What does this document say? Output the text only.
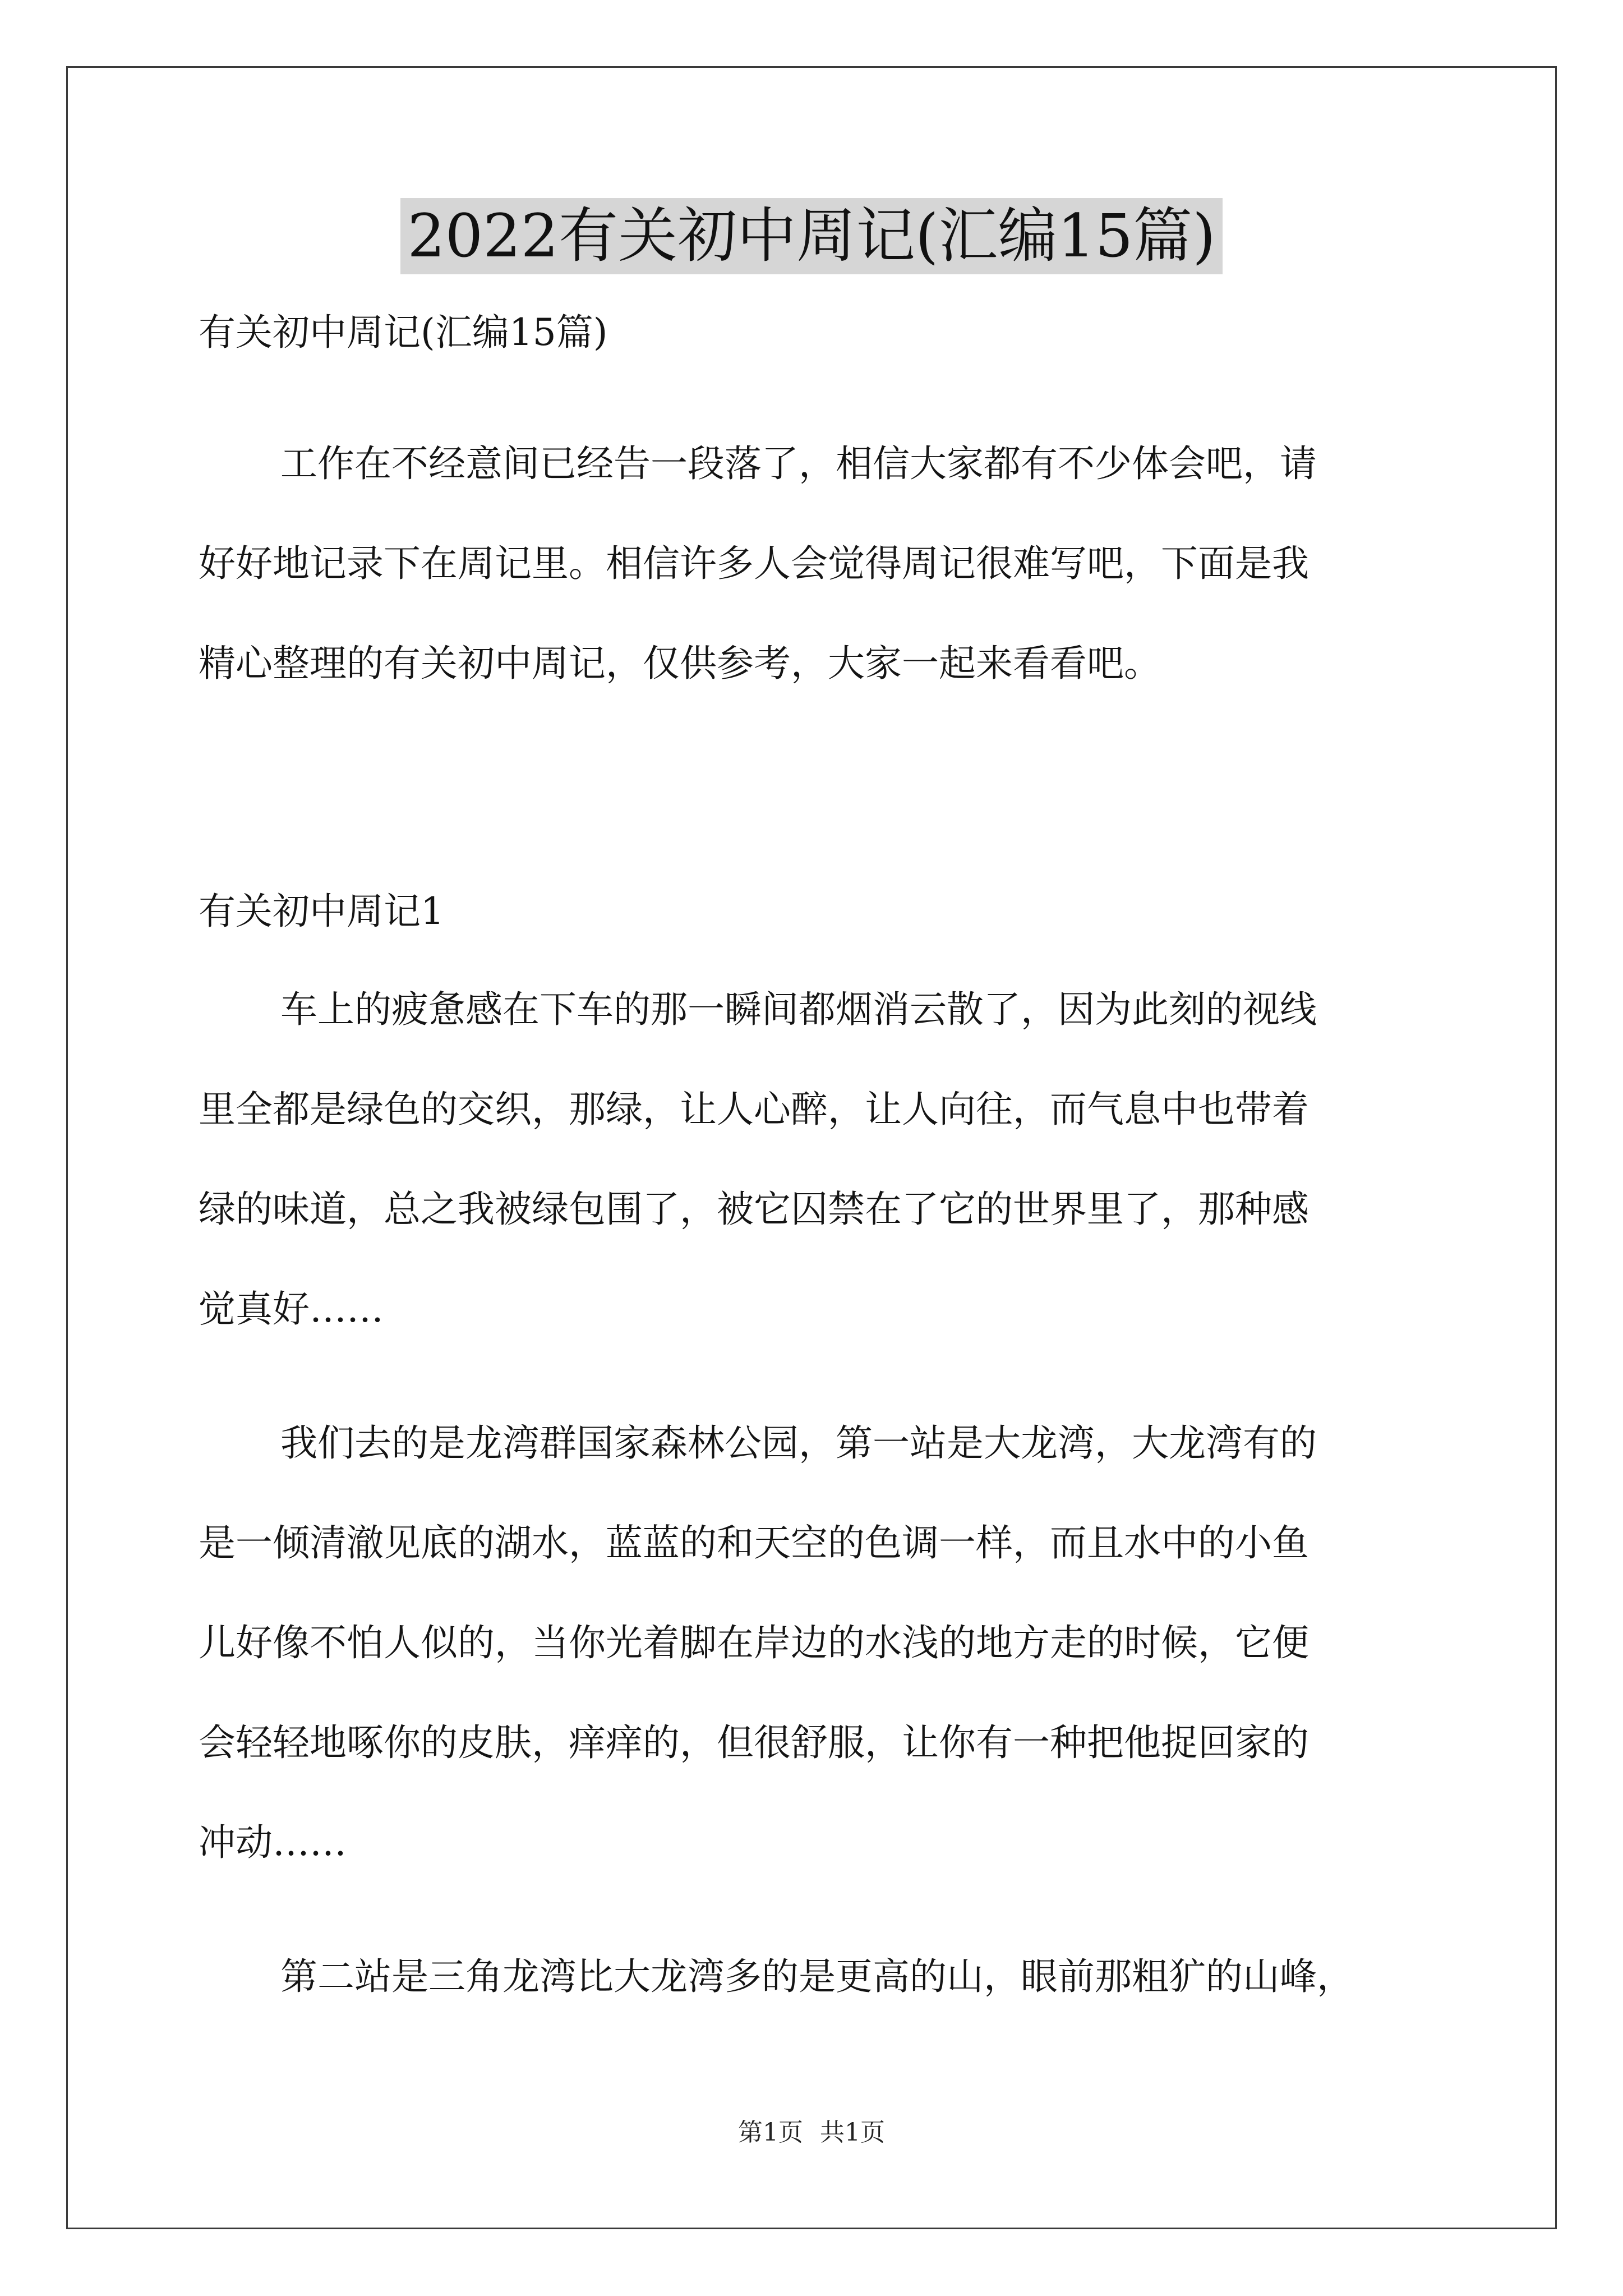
2022有关初中周记(汇编15篇)
有关初中周记(汇编15篇)
工作在不经意间已经告一段落了，相信大家都有不少体会吧，请
好好地记录下在周记里。相信许多人会觉得周记很难写吧，下面是我
精心整理的有关初中周记，仅供参考，大家一起来看看吧。
有关初中周记1
车上的疲惫感在下车的那一瞬间都烟消云散了，因为此刻的视线
里全都是绿色的交织，那绿，让人心醉，让人向往，而气息中也带着
绿的味道，总之我被绿包围了，被它囚禁在了它的世界里了，那种感
觉真好……
我们去的是龙湾群国家森林公园，第一站是大龙湾，大龙湾有的
是一倾清澈见底的湖水，蓝蓝的和天空的色调一样，而且水中的小鱼
儿好像不怕人似的，当你光着脚在岸边的水浅的地方走的时候，它便
会轻轻地啄你的皮肤，痒痒的，但很舒服，让你有一种把他捉回家的
冲动……
第二站是三角龙湾比大龙湾多的是更高的山，眼前那粗犷的山峰，
第1页 共1页
